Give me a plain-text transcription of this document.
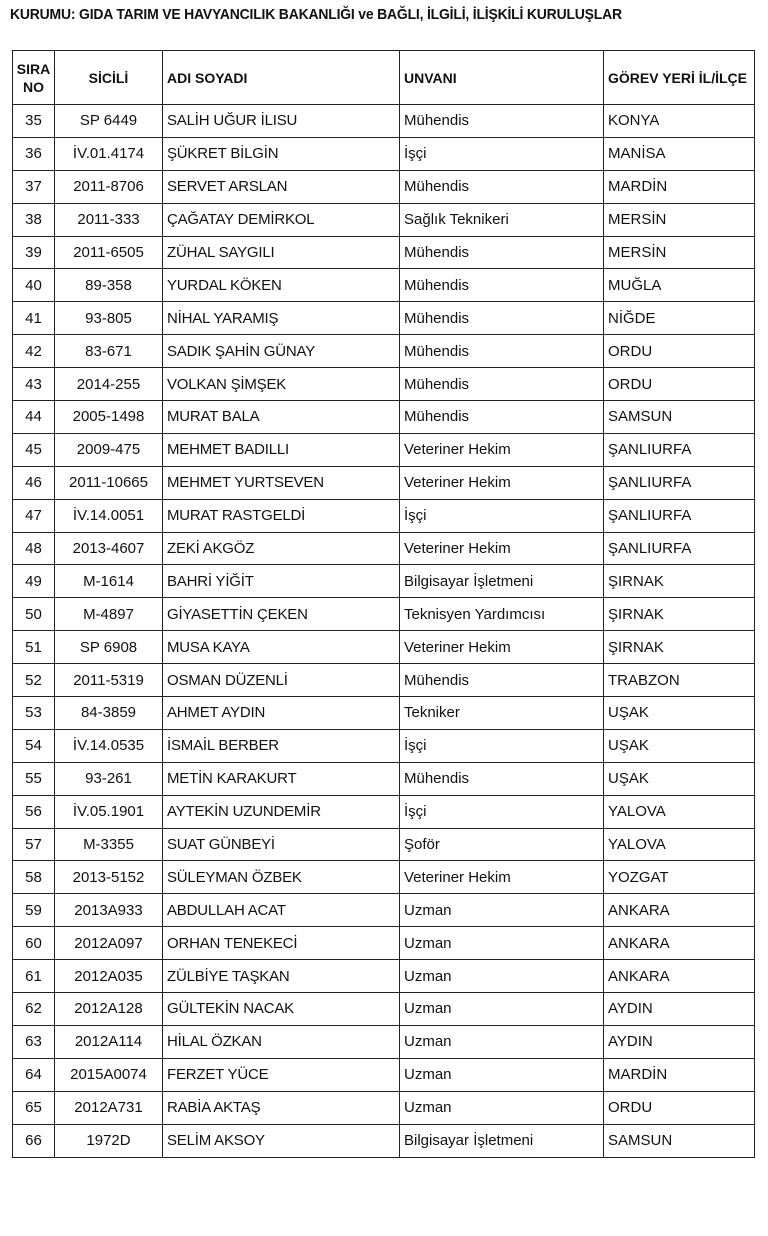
KURUMU: GIDA TARIM VE HAVYANCILIK BAKANLIĞI ve BAĞLI, İLGİLİ, İLİŞKİLİ KURULUŞLAR
SIRA
NO	SİCİLİ	ADI SOYADI	UNVANI	GÖREV YERİ İL/İLÇE
35	SP 6449	SALİH UĞUR İLISU	Mühendis	KONYA
36	İV.01.4174	ŞÜKRET BİLGİN	İşçi	MANİSA
37	2011-8706	SERVET ARSLAN	Mühendis	MARDİN
38	2011-333	ÇAĞATAY DEMİRKOL	Sağlık Teknikeri	MERSİN
39	2011-6505	ZÜHAL SAYGILI	Mühendis	MERSİN
40	89-358	YURDAL KÖKEN	Mühendis	MUĞLA
41	93-805	NİHAL YARAMIŞ	Mühendis	NİĞDE
42	83-671	SADIK ŞAHİN GÜNAY	Mühendis	ORDU
43	2014-255	VOLKAN ŞİMŞEK	Mühendis	ORDU
44	2005-1498	MURAT BALA	Mühendis	SAMSUN
45	2009-475	MEHMET BADILLI	Veteriner Hekim	ŞANLIURFA
46	2011-10665	MEHMET YURTSEVEN	Veteriner Hekim	ŞANLIURFA
47	İV.14.0051	MURAT RASTGELDİ	İşçi	ŞANLIURFA
48	2013-4607	ZEKİ AKGÖZ	Veteriner Hekim	ŞANLIURFA
49	M-1614	BAHRİ YİĞİT	Bilgisayar İşletmeni	ŞIRNAK
50	M-4897	GİYASETTİN ÇEKEN	Teknisyen Yardımcısı	ŞIRNAK
51	SP 6908	MUSA KAYA	Veteriner Hekim	ŞIRNAK
52	2011-5319	OSMAN DÜZENLİ	Mühendis	TRABZON
53	84-3859	AHMET AYDIN	Tekniker	UŞAK
54	İV.14.0535	İSMAİL BERBER	İşçi	UŞAK
55	93-261	METİN KARAKURT	Mühendis	UŞAK
56	İV.05.1901	AYTEKİN UZUNDEMİR	İşçi	YALOVA
57	M-3355	SUAT GÜNBEYİ	Şoför	YALOVA
58	2013-5152	SÜLEYMAN ÖZBEK	Veteriner Hekim	YOZGAT
59	2013A933	ABDULLAH ACAT	Uzman	ANKARA
60	2012A097	ORHAN TENEKECİ	Uzman	ANKARA
61	2012A035	ZÜLBİYE TAŞKAN	Uzman	ANKARA
62	2012A128	GÜLTEKİN NACAK	Uzman	AYDIN
63	2012A114	HİLAL ÖZKAN	Uzman	AYDIN
64	2015A0074	FERZET YÜCE	Uzman	MARDİN
65	2012A731	RABİA AKTAŞ	Uzman	ORDU
66	1972D	SELİM AKSOY	Bilgisayar İşletmeni	SAMSUN
